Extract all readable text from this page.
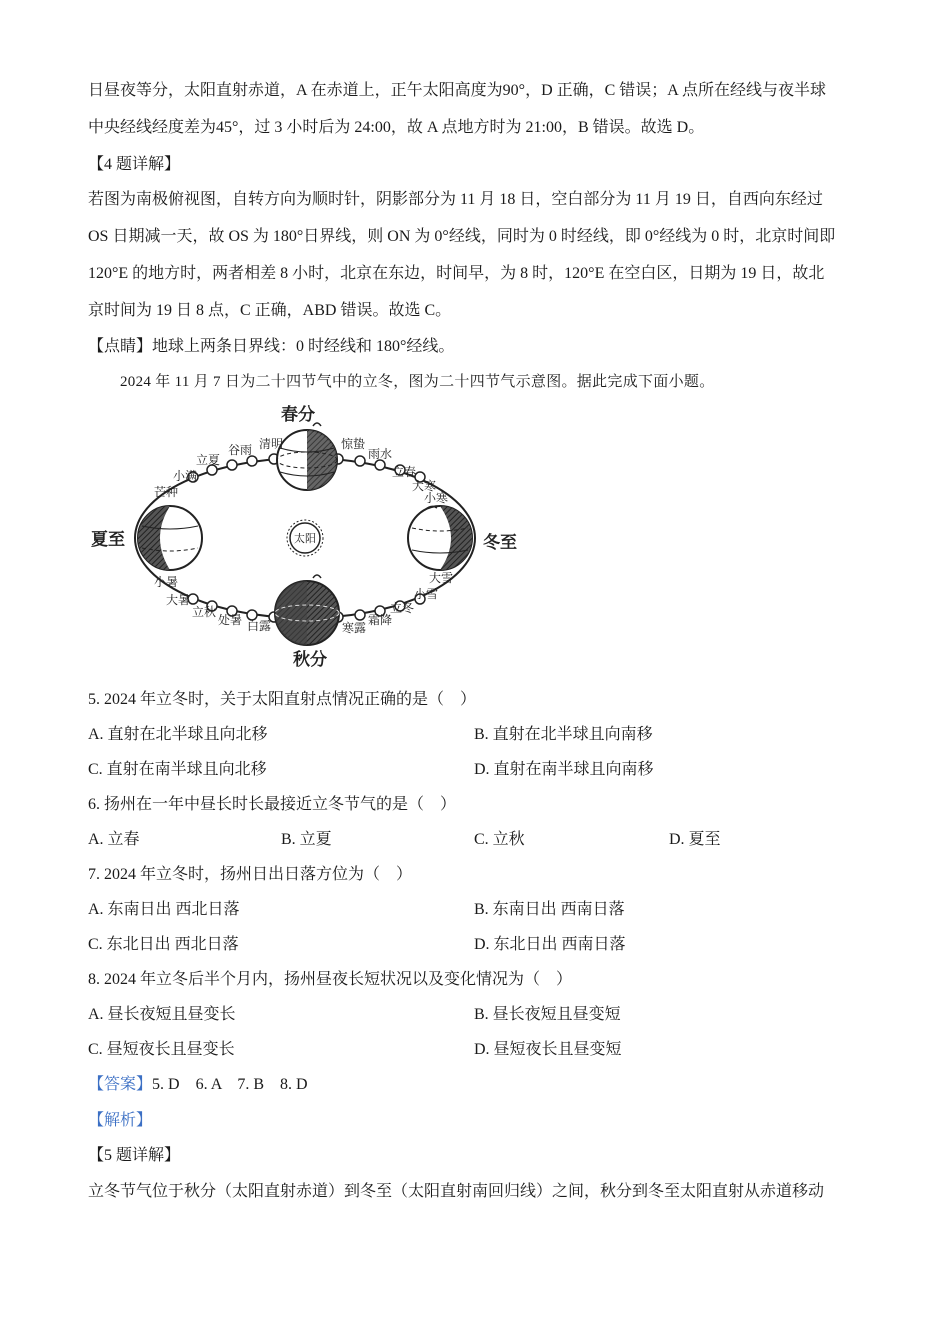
日昼夜等分，太阳直射赤道，A 在赤道上，正午太阳高度为90°，D 正确，C 错误；A 点所在经线与夜半球
中央经线经度差为45°，过 3 小时后为 24:00，故 A 点地方时为 21:00，B 错误。故选 D。
【4 题详解】
若图为南极俯视图，自转方向为顺时针，阴影部分为 11 月 18 日，空白部分为 11 月 19 日，自西向东经过
OS 日期减一天，故 OS 为 180°日界线，则 ON 为 0°经线，同时为 0 时经线，即 0°经线为 0 时，北京时间即
120°E 的地方时，两者相差 8 小时，北京在东边，时间早，为 8 时，120°E 在空白区，日期为 19 日，故北
京时间为 19 日 8 点，C 正确，ABD 错误。故选 C。
【点睛】地球上两条日界线：0 时经线和 180°经线。
2024 年 11 月 7 日为二十四节气中的立冬，图为二十四节气示意图。据此完成下面小题。
太阳
春分
夏至
秋分
冬至
清明
谷雨
立夏
小满
芒种
惊蛰
雨水
立春
大寒
小寒
小暑
大暑
立秋
处暑 白露	寒露
霜降
立冬
小雪
大雪
5. 2024 年立冬时，关于太阳直射点情况正确的是（　）
A. 直射在北半球且向北移	B. 直射在北半球且向南移
C. 直射在南半球且向北移	D. 直射在南半球且向南移
6. 扬州在一年中昼长时长最接近立冬节气的是（　）
A. 立春	B. 立夏	C. 立秋	D. 夏至
7. 2024 年立冬时，扬州日出日落方位为（　）
A. 东南日出 西北日落	B. 东南日出 西南日落
C. 东北日出 西北日落	D. 东北日出 西南日落
8. 2024 年立冬后半个月内，扬州昼夜长短状况以及变化情况为（　）
A. 昼长夜短且昼变长	B. 昼长夜短且昼变短
C. 昼短夜长且昼变长	D. 昼短夜长且昼变短
【答案】5. D　6. A　7. B　8. D
【解析】
【5 题详解】
立冬节气位于秋分（太阳直射赤道）到冬至（太阳直射南回归线）之间，秋分到冬至太阳直射从赤道移动
